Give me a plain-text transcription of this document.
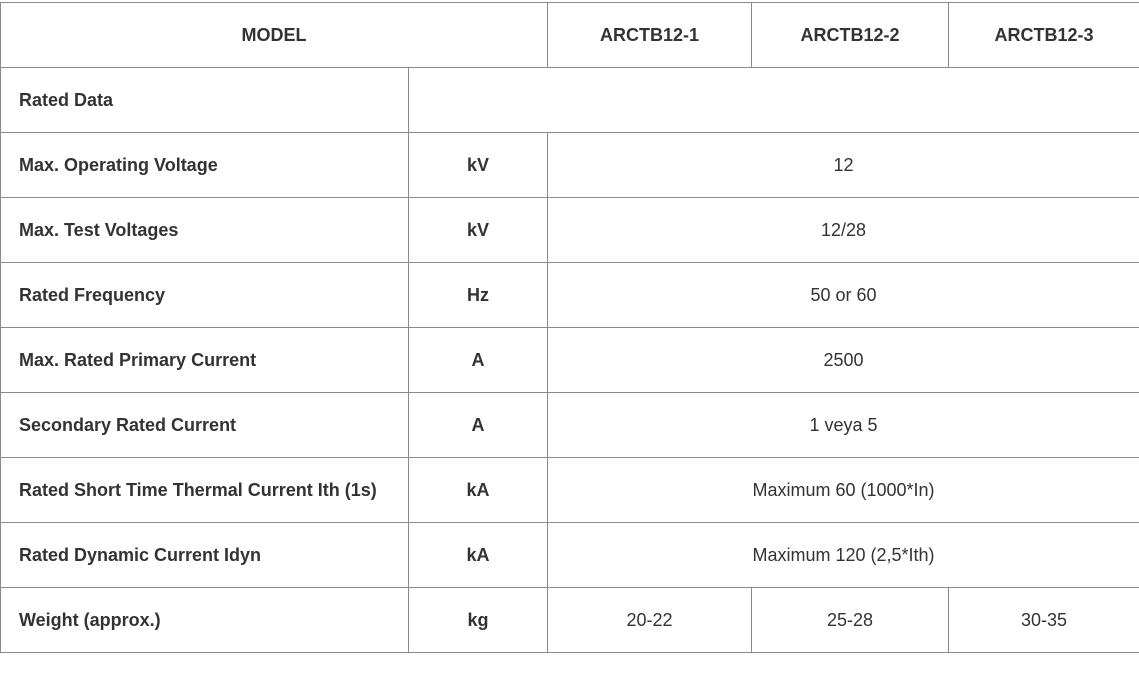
MODEL		ARCTB12-1	ARCTB12-2	ARCTB12-3
Rated Data				
Max. Operating Voltage	kV	12		
Max. Test Voltages	kV	12/28		
Rated Frequency	Hz	50 or 60		
Max. Rated Primary Current	A	2500		
Secondary Rated Current	A	1 veya 5		
Rated Short Time Thermal Current Ith (1s)	kA	Maximum 60 (1000*In)		
Rated Dynamic Current Idyn	kA	Maximum 120 (2,5*Ith)		
Weight (approx.)	kg	20-22	25-28	30-35
